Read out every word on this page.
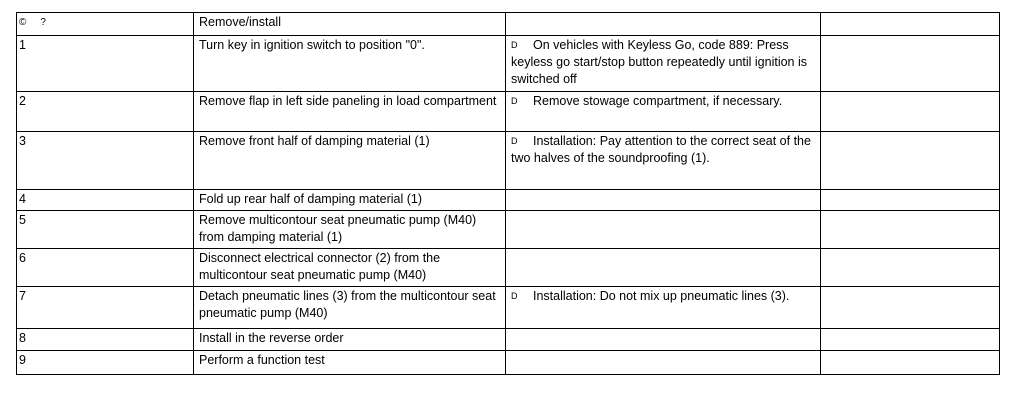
© ?	Remove/install		
1	Turn key in ignition switch to position "0".	D On vehicles with Keyless Go, code 889: Press keyless go start/stop button repeatedly until ignition is switched off	
2	Remove flap in left side paneling in load compartment	D Remove stowage compartment, if necessary.	
3	Remove front half of damping material (1)	D Installation: Pay attention to the correct seat of the two halves of the soundproofing (1).	
4	Fold up rear half of damping material (1)		
5	Remove multicontour seat pneumatic pump (M40) from damping material (1)		
6	Disconnect electrical connector (2) from the multicontour seat pneumatic pump (M40)		
7	Detach pneumatic lines (3) from the multicontour seat pneumatic pump (M40)	D Installation: Do not mix up pneumatic lines (3).	
8	Install in the reverse order		
9	Perform a function test		
